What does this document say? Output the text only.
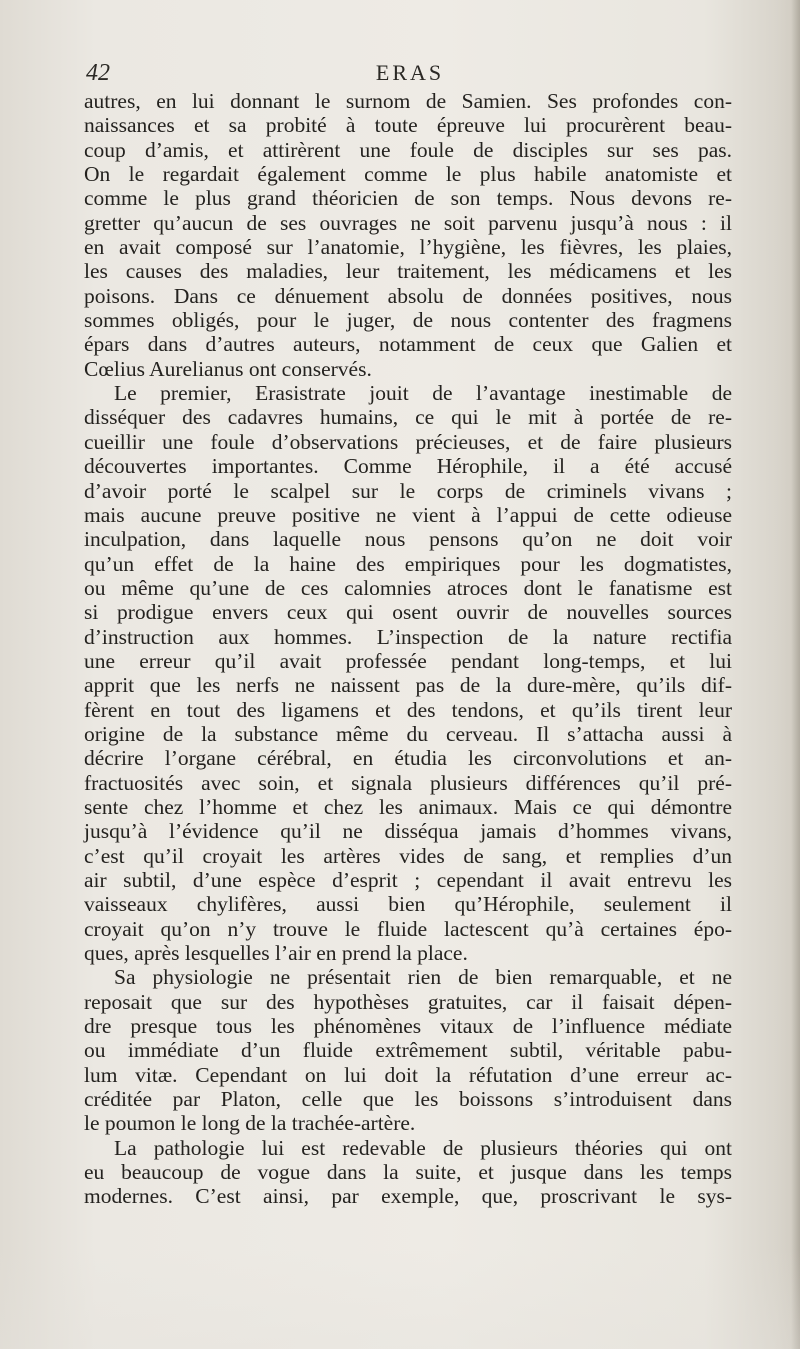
42	ERAS
autres, en lui donnant le surnom de Samien. Ses profondes con-
naissances et sa probité à toute épreuve lui procurèrent beau-
coup d’amis, et attirèrent une foule de disciples sur ses pas.
On le regardait également comme le plus habile anatomiste et
comme le plus grand théoricien de son temps. Nous devons re-
gretter qu’aucun de ses ouvrages ne soit parvenu jusqu’à nous : il
en avait composé sur l’anatomie, l’hygiène, les fièvres, les plaies,
les causes des maladies, leur traitement, les médicamens et les
poisons. Dans ce dénuement absolu de données positives, nous
sommes obligés, pour le juger, de nous contenter des fragmens
épars dans d’autres auteurs, notamment de ceux que Galien et
Cœlius Aurelianus ont conservés.
Le premier, Erasistrate jouit de l’avantage inestimable de
disséquer des cadavres humains, ce qui le mit à portée de re-
cueillir une foule d’observations précieuses, et de faire plusieurs
découvertes importantes. Comme Hérophile, il a été accusé
d’avoir porté le scalpel sur le corps de criminels vivans ;
mais aucune preuve positive ne vient à l’appui de cette odieuse
inculpation, dans laquelle nous pensons qu’on ne doit voir
qu’un effet de la haine des empiriques pour les dogmatistes,
ou même qu’une de ces calomnies atroces dont le fanatisme est
si prodigue envers ceux qui osent ouvrir de nouvelles sources
d’instruction aux hommes. L’inspection de la nature rectifia
une erreur qu’il avait professée pendant long-temps, et lui
apprit que les nerfs ne naissent pas de la dure-mère, qu’ils dif-
fèrent en tout des ligamens et des tendons, et qu’ils tirent leur
origine de la substance même du cerveau. Il s’attacha aussi à
décrire l’organe cérébral, en étudia les circonvolutions et an-
fractuosités avec soin, et signala plusieurs différences qu’il pré-
sente chez l’homme et chez les animaux. Mais ce qui démontre
jusqu’à l’évidence qu’il ne disséqua jamais d’hommes vivans,
c’est qu’il croyait les artères vides de sang, et remplies d’un
air subtil, d’une espèce d’esprit ; cependant il avait entrevu les
vaisseaux chylifères, aussi bien qu’Hérophile, seulement il
croyait qu’on n’y trouve le fluide lactescent qu’à certaines épo-
ques, après lesquelles l’air en prend la place.
Sa physiologie ne présentait rien de bien remarquable, et ne
reposait que sur des hypothèses gratuites, car il faisait dépen-
dre presque tous les phénomènes vitaux de l’influence médiate
ou immédiate d’un fluide extrêmement subtil, véritable pabu-
lum vitæ. Cependant on lui doit la réfutation d’une erreur ac-
créditée par Platon, celle que les boissons s’introduisent dans
le poumon le long de la trachée-artère.
La pathologie lui est redevable de plusieurs théories qui ont
eu beaucoup de vogue dans la suite, et jusque dans les temps
modernes. C’est ainsi, par exemple, que, proscrivant le sys-
